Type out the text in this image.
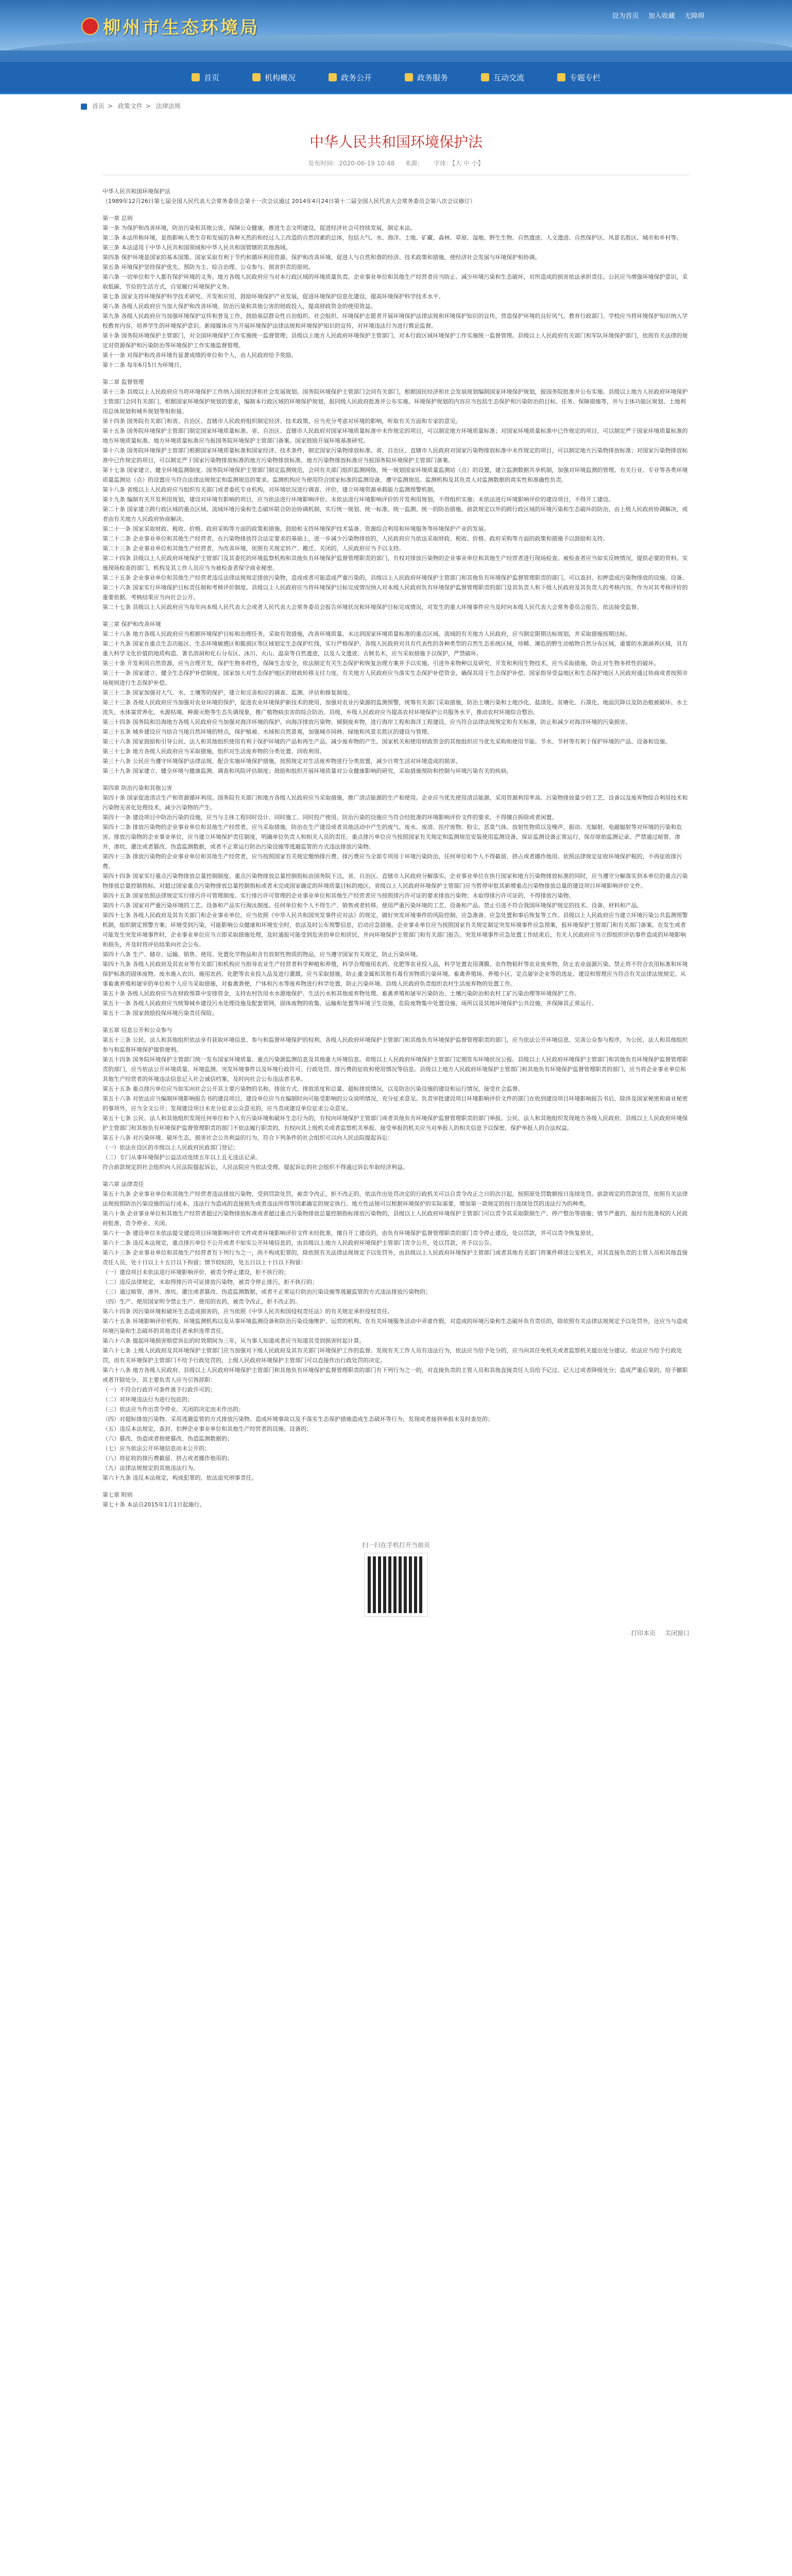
柳州市生态环境局
设为首页 加入收藏 无障碍
首页	机构概况	政务公开	政务服务	互动交流	专题专栏
首页 > 政策文件 > 法律法规
中华人民共和国环境保护法
发布时间：2020-06-19 10:48 来源： 字体：【大 中 小】

中华人民共和国环境保护法

（1989年12月26日第七届全国人民代表大会常务委员会第十一次会议通过 2014年4月24日第十二届全国人民代表大会常务委员会第八次会议修订）

第一章 总则

第一条 为保护和改善环境，防治污染和其他公害，保障公众健康，推进生态文明建设，促进经济社会可持续发展，制定本法。

第二条 本法所称环境，是指影响人类生存和发展的各种天然的和经过人工改造的自然因素的总体，包括大气、水、海洋、土地、矿藏、森林、草原、湿地、野生生物、自然遗迹、人文遗迹、自然保护区、风景名胜区、城市和乡村等。

第三条 本法适用于中华人民共和国领域和中华人民共和国管辖的其他海域。

第四条 保护环境是国家的基本国策。国家采取有利于节约和循环利用资源、保护和改善环境、促进人与自然和谐的经济、技术政策和措施，使经济社会发展与环境保护相协调。

第五条 环境保护坚持保护优先、预防为主、综合治理、公众参与、损害担责的原则。

第六条 一切单位和个人都有保护环境的义务。地方各级人民政府应当对本行政区域的环境质量负责。企业事业单位和其他生产经营者应当防止、减少环境污染和生态破坏，对所造成的损害依法承担责任。公民应当增强环境保护意识，采取低碳、节俭的生活方式，自觉履行环境保护义务。

第七条 国家支持环境保护科学技术研究、开发和应用，鼓励环境保护产业发展，促进环境保护信息化建设，提高环境保护科学技术水平。

第八条 各级人民政府应当加大保护和改善环境、防治污染和其他公害的财政投入，提高财政资金的使用效益。

第九条 各级人民政府应当加强环境保护宣传和普及工作，鼓励基层群众性自治组织、社会组织、环境保护志愿者开展环境保护法律法规和环境保护知识的宣传，营造保护环境的良好风气。教育行政部门、学校应当将环境保护知识纳入学校教育内容，培养学生的环境保护意识。新闻媒体应当开展环境保护法律法规和环境保护知识的宣传，对环境违法行为进行舆论监督。

第十条 国务院环境保护主管部门，对全国环境保护工作实施统一监督管理；县级以上地方人民政府环境保护主管部门，对本行政区域环境保护工作实施统一监督管理。县级以上人民政府有关部门和军队环境保护部门，依照有关法律的规定对资源保护和污染防治等环境保护工作实施监督管理。

第十一条 对保护和改善环境有显著成绩的单位和个人，由人民政府给予奖励。

第十二条 每年6月5日为环境日。

第二章 监督管理

第十三条 县级以上人民政府应当将环境保护工作纳入国民经济和社会发展规划。国务院环境保护主管部门会同有关部门，根据国民经济和社会发展规划编制国家环境保护规划，报国务院批准并公布实施。县级以上地方人民政府环境保护主管部门会同有关部门，根据国家环境保护规划的要求，编制本行政区域的环境保护规划，报同级人民政府批准并公布实施。环境保护规划的内容应当包括生态保护和污染防治的目标、任务、保障措施等，并与主体功能区规划、土地利用总体规划和城乡规划等相衔接。

第十四条 国务院有关部门和省、自治区、直辖市人民政府组织制定经济、技术政策，应当充分考虑对环境的影响，听取有关方面和专家的意见。

第十五条 国务院环境保护主管部门制定国家环境质量标准。省、自治区、直辖市人民政府对国家环境质量标准中未作规定的项目，可以制定地方环境质量标准；对国家环境质量标准中已作规定的项目，可以制定严于国家环境质量标准的地方环境质量标准。地方环境质量标准应当报国务院环境保护主管部门备案。国家鼓励开展环境基准研究。

第十六条 国务院环境保护主管部门根据国家环境质量标准和国家经济、技术条件，制定国家污染物排放标准。省、自治区、直辖市人民政府对国家污染物排放标准中未作规定的项目，可以制定地方污染物排放标准；对国家污染物排放标准中已作规定的项目，可以制定严于国家污染物排放标准的地方污染物排放标准。地方污染物排放标准应当报国务院环境保护主管部门备案。

第十七条 国家建立、健全环境监测制度。国务院环境保护主管部门制定监测规范，会同有关部门组织监测网络，统一规划国家环境质量监测站（点）的设置，建立监测数据共享机制，加强对环境监测的管理。有关行业、专业等各类环境质量监测站（点）的设置应当符合法律法规规定和监测规范的要求。监测机构应当使用符合国家标准的监测设备，遵守监测规范。监测机构及其负责人对监测数据的真实性和准确性负责。

第十八条 省级以上人民政府应当组织有关部门或者委托专业机构，对环境状况进行调查、评价，建立环境资源承载能力监测预警机制。

第十九条 编制有关开发利用规划，建设对环境有影响的项目，应当依法进行环境影响评价。未依法进行环境影响评价的开发利用规划，不得组织实施；未依法进行环境影响评价的建设项目，不得开工建设。

第二十条 国家建立跨行政区域的重点区域、流域环境污染和生态破坏联合防治协调机制，实行统一规划、统一标准、统一监测、统一的防治措施。前款规定以外的跨行政区域的环境污染和生态破坏的防治，由上级人民政府协调解决，或者由有关地方人民政府协商解决。

第二十一条 国家采取财政、税收、价格、政府采购等方面的政策和措施，鼓励和支持环境保护技术装备、资源综合利用和环境服务等环境保护产业的发展。

第二十二条 企业事业单位和其他生产经营者，在污染物排放符合法定要求的基础上，进一步减少污染物排放的，人民政府应当依法采取财政、税收、价格、政府采购等方面的政策和措施予以鼓励和支持。

第二十三条 企业事业单位和其他生产经营者，为改善环境，依照有关规定转产、搬迁、关闭的，人民政府应当予以支持。

第二十四条 县级以上人民政府环境保护主管部门及其委托的环境监察机构和其他负有环境保护监督管理职责的部门，有权对排放污染物的企业事业单位和其他生产经营者进行现场检查。被检查者应当如实反映情况，提供必要的资料。实施现场检查的部门、机构及其工作人员应当为被检查者保守商业秘密。

第二十五条 企业事业单位和其他生产经营者违反法律法规规定排放污染物，造成或者可能造成严重污染的，县级以上人民政府环境保护主管部门和其他负有环境保护监督管理职责的部门，可以查封、扣押造成污染物排放的设施、设备。

第二十六条 国家实行环境保护目标责任制和考核评价制度。县级以上人民政府应当将环境保护目标完成情况纳入对本级人民政府负有环境保护监督管理职责的部门及其负责人和下级人民政府及其负责人的考核内容，作为对其考核评价的重要依据。考核结果应当向社会公开。

第二十七条 县级以上人民政府应当每年向本级人民代表大会或者人民代表大会常务委员会报告环境状况和环境保护目标完成情况，对发生的重大环境事件应当及时向本级人民代表大会常务委员会报告，依法接受监督。

第三章 保护和改善环境

第二十八条 地方各级人民政府应当根据环境保护目标和治理任务，采取有效措施，改善环境质量。未达到国家环境质量标准的重点区域、流域的有关地方人民政府，应当制定限期达标规划，并采取措施按期达标。

第二十九条 国家在重点生态功能区、生态环境敏感区和脆弱区等区域划定生态保护红线，实行严格保护。各级人民政府对具有代表性的各种类型的自然生态系统区域，珍稀、濒危的野生动植物自然分布区域，重要的水源涵养区域，具有重大科学文化价值的地质构造、著名溶洞和化石分布区、冰川、火山、温泉等自然遗迹，以及人文遗迹、古树名木，应当采取措施予以保护，严禁破坏。

第三十条 开发利用自然资源，应当合理开发，保护生物多样性，保障生态安全，依法制定有关生态保护和恢复治理方案并予以实施。引进外来物种以及研究、开发和利用生物技术，应当采取措施，防止对生物多样性的破坏。

第三十一条 国家建立、健全生态保护补偿制度。国家加大对生态保护地区的财政转移支付力度。有关地方人民政府应当落实生态保护补偿资金，确保其用于生态保护补偿。国家指导受益地区和生态保护地区人民政府通过协商或者按照市场规则进行生态保护补偿。

第三十二条 国家加强对大气、水、土壤等的保护，建立和完善相应的调查、监测、评估和修复制度。

第三十三条 各级人民政府应当加强对农业环境的保护，促进农业环境保护新技术的使用，加强对农业污染源的监测预警，统筹有关部门采取措施，防治土壤污染和土地沙化、盐渍化、贫瘠化、石漠化、地面沉降以及防治植被破坏、水土流失、水体富营养化、水源枯竭、种源灭绝等生态失调现象，推广植物病虫害的综合防治。县级、乡级人民政府应当提高农村环境保护公共服务水平，推动农村环境综合整治。

第三十四条 国务院和沿海地方各级人民政府应当加强对海洋环境的保护。向海洋排放污染物、倾倒废弃物，进行海岸工程和海洋工程建设，应当符合法律法规规定和有关标准，防止和减少对海洋环境的污染损害。

第三十五条 城乡建设应当结合当地自然环境的特点，保护植被、水域和自然景观，加强城市园林、绿地和风景名胜区的建设与管理。

第三十六条 国家鼓励和引导公民、法人和其他组织使用有利于保护环境的产品和再生产品，减少废弃物的产生。国家机关和使用财政资金的其他组织应当优先采购和使用节能、节水、节材等有利于保护环境的产品、设备和设施。

第三十七条 地方各级人民政府应当采取措施，组织对生活废弃物的分类处置、回收利用。

第三十八条 公民应当遵守环境保护法律法规，配合实施环境保护措施，按照规定对生活废弃物进行分类放置，减少日常生活对环境造成的损害。

第三十九条 国家建立、健全环境与健康监测、调查和风险评估制度；鼓励和组织开展环境质量对公众健康影响的研究，采取措施预防和控制与环境污染有关的疾病。

第四章 防治污染和其他公害

第四十条 国家促进清洁生产和资源循环利用。国务院有关部门和地方各级人民政府应当采取措施，推广清洁能源的生产和使用。企业应当优先使用清洁能源，采用资源利用率高、污染物排放量少的工艺、设备以及废弃物综合利用技术和污染物无害化处理技术，减少污染物的产生。

第四十一条 建设项目中防治污染的设施，应当与主体工程同时设计、同时施工、同时投产使用。防治污染的设施应当符合经批准的环境影响评价文件的要求，不得擅自拆除或者闲置。

第四十二条 排放污染物的企业事业单位和其他生产经营者，应当采取措施，防治在生产建设或者其他活动中产生的废气、废水、废渣、医疗废物、粉尘、恶臭气体、放射性物质以及噪声、振动、光辐射、电磁辐射等对环境的污染和危害。排放污染物的企业事业单位，应当建立环境保护责任制度，明确单位负责人和相关人员的责任。重点排污单位应当按照国家有关规定和监测规范安装使用监测设备，保证监测设备正常运行，保存原始监测记录。严禁通过暗管、渗井、渗坑、灌注或者篡改、伪造监测数据，或者不正常运行防治污染设施等逃避监管的方式违法排放污染物。

第四十三条 排放污染物的企业事业单位和其他生产经营者，应当按照国家有关规定缴纳排污费。排污费应当全部专项用于环境污染防治，任何单位和个人不得截留、挤占或者挪作他用。依照法律规定征收环境保护税的，不再征收排污费。

第四十四条 国家实行重点污染物排放总量控制制度。重点污染物排放总量控制指标由国务院下达，省、自治区、直辖市人民政府分解落实。企业事业单位在执行国家和地方污染物排放标准的同时，应当遵守分解落实到本单位的重点污染物排放总量控制指标。对超过国家重点污染物排放总量控制指标或者未完成国家确定的环境质量目标的地区，省级以上人民政府环境保护主管部门应当暂停审批其新增重点污染物排放总量的建设项目环境影响评价文件。

第四十五条 国家依照法律规定实行排污许可管理制度。实行排污许可管理的企业事业单位和其他生产经营者应当按照排污许可证的要求排放污染物；未取得排污许可证的，不得排放污染物。

第四十六条 国家对严重污染环境的工艺、设备和产品实行淘汰制度。任何单位和个人不得生产、销售或者转移、使用严重污染环境的工艺、设备和产品。禁止引进不符合我国环境保护规定的技术、设备、材料和产品。

第四十七条 各级人民政府及其有关部门和企业事业单位，应当依照《中华人民共和国突发事件应对法》的规定，做好突发环境事件的风险控制、应急准备、应急处置和事后恢复等工作。县级以上人民政府应当建立环境污染公共监测预警机制，组织制定预警方案；环境受到污染，可能影响公众健康和环境安全时，依法及时公布预警信息，启动应急措施。企业事业单位应当按照国家有关规定制定突发环境事件应急预案，报环境保护主管部门和有关部门备案。在发生或者可能发生突发环境事件时，企业事业单位应当立即采取措施处理，及时通报可能受到危害的单位和居民，并向环境保护主管部门和有关部门报告。突发环境事件应急处置工作结束后，有关人民政府应当立即组织评估事件造成的环境影响和损失，并及时将评估结果向社会公布。

第四十八条 生产、储存、运输、销售、使用、处置化学物品和含有放射性物质的物品，应当遵守国家有关规定，防止污染环境。

第四十九条 各级人民政府及其农业等有关部门和机构应当指导农业生产经营者科学种植和养殖，科学合理施用农药、化肥等农业投入品，科学处置农用薄膜、农作物秸秆等农业废弃物，防止农业面源污染。禁止将不符合农用标准和环境保护标准的固体废物、废水施入农田。施用农药、化肥等农业投入品及进行灌溉，应当采取措施，防止重金属和其他有毒有害物质污染环境。畜禽养殖场、养殖小区、定点屠宰企业等的选址、建设和管理应当符合有关法律法规规定。从事畜禽养殖和屠宰的单位和个人应当采取措施，对畜禽粪便、尸体和污水等废弃物进行科学处置，防止污染环境。县级人民政府负责组织农村生活废弃物的处置工作。

第五十条 各级人民政府应当在财政预算中安排资金，支持农村饮用水水源地保护、生活污水和其他废弃物处理、畜禽养殖和屠宰污染防治、土壤污染防治和农村工矿污染治理等环境保护工作。

第五十一条 各级人民政府应当统筹城乡建设污水处理设施及配套管网，固体废物的收集、运输和处置等环境卫生设施，危险废物集中处置设施、场所以及其他环境保护公共设施，并保障其正常运行。

第五十二条 国家鼓励投保环境污染责任保险。

第五章 信息公开和公众参与

第五十三条 公民、法人和其他组织依法享有获取环境信息、参与和监督环境保护的权利。各级人民政府环境保护主管部门和其他负有环境保护监督管理职责的部门，应当依法公开环境信息、完善公众参与程序，为公民、法人和其他组织参与和监督环境保护提供便利。

第五十四条 国务院环境保护主管部门统一发布国家环境质量、重点污染源监测信息及其他重大环境信息。省级以上人民政府环境保护主管部门定期发布环境状况公报。县级以上人民政府环境保护主管部门和其他负有环境保护监督管理职责的部门，应当依法公开环境质量、环境监测、突发环境事件以及环境行政许可、行政处罚、排污费的征收和使用情况等信息。县级以上地方人民政府环境保护主管部门和其他负有环境保护监督管理职责的部门，应当将企业事业单位和其他生产经营者的环境违法信息记入社会诚信档案，及时向社会公布违法者名单。

第五十五条 重点排污单位应当如实向社会公开其主要污染物的名称、排放方式、排放浓度和总量、超标排放情况，以及防治污染设施的建设和运行情况，接受社会监督。

第五十六条 对依法应当编制环境影响报告书的建设项目，建设单位应当在编制时向可能受影响的公众说明情况，充分征求意见。负责审批建设项目环境影响评价文件的部门在收到建设项目环境影响报告书后，除涉及国家秘密和商业秘密的事项外，应当全文公开；发现建设项目未充分征求公众意见的，应当责成建设单位征求公众意见。

第五十七条 公民、法人和其他组织发现任何单位和个人有污染环境和破坏生态行为的，有权向环境保护主管部门或者其他负有环境保护监督管理职责的部门举报。公民、法人和其他组织发现地方各级人民政府、县级以上人民政府环境保护主管部门和其他负有环境保护监督管理职责的部门不依法履行职责的，有权向其上级机关或者监察机关举报。接受举报的机关应当对举报人的相关信息予以保密，保护举报人的合法权益。

第五十八条 对污染环境、破坏生态，损害社会公共利益的行为，符合下列条件的社会组织可以向人民法院提起诉讼：

（一）依法在设区的市级以上人民政府民政部门登记；

（二）专门从事环境保护公益活动连续五年以上且无违法记录。

符合前款规定的社会组织向人民法院提起诉讼，人民法院应当依法受理。提起诉讼的社会组织不得通过诉讼牟取经济利益。

第六章 法律责任

第五十九条 企业事业单位和其他生产经营者违法排放污染物，受到罚款处罚，被责令改正，拒不改正的，依法作出处罚决定的行政机关可以自责令改正之日的次日起，按照原处罚数额按日连续处罚。前款规定的罚款处罚，依照有关法律法规按照防治污染设施的运行成本、违法行为造成的直接损失或者违法所得等因素确定的规定执行。地方性法规可以根据环境保护的实际需要，增加第一款规定的按日连续处罚的违法行为的种类。

第六十条 企业事业单位和其他生产经营者超过污染物排放标准或者超过重点污染物排放总量控制指标排放污染物的，县级以上人民政府环境保护主管部门可以责令其采取限制生产、停产整治等措施；情节严重的，报经有批准权的人民政府批准，责令停业、关闭。

第六十一条 建设单位未依法提交建设项目环境影响评价文件或者环境影响评价文件未经批准，擅自开工建设的，由负有环境保护监督管理职责的部门责令停止建设，处以罚款，并可以责令恢复原状。

第六十二条 违反本法规定，重点排污单位不公开或者不如实公开环境信息的，由县级以上地方人民政府环境保护主管部门责令公开，处以罚款，并予以公告。

第六十三条 企业事业单位和其他生产经营者有下列行为之一，尚不构成犯罪的，除依照有关法律法规规定予以处罚外，由县级以上人民政府环境保护主管部门或者其他有关部门将案件移送公安机关，对其直接负责的主管人员和其他直接责任人员，处十日以上十五日以下拘留；情节较轻的，处五日以上十日以下拘留：

（一）建设项目未依法进行环境影响评价，被责令停止建设，拒不执行的；

（二）违反法律规定，未取得排污许可证排放污染物，被责令停止排污，拒不执行的；

（三）通过暗管、渗井、渗坑、灌注或者篡改、伪造监测数据，或者不正常运行防治污染设施等逃避监管的方式违法排放污染物的；

（四）生产、使用国家明令禁止生产、使用的农药，被责令改正，拒不改正的。

第六十四条 因污染环境和破坏生态造成损害的，应当依照《中华人民共和国侵权责任法》的有关规定承担侵权责任。

第六十五条 环境影响评价机构、环境监测机构以及从事环境监测设备和防治污染设施维护、运营的机构，在有关环境服务活动中弄虚作假，对造成的环境污染和生态破坏负有责任的，除依照有关法律法规规定予以处罚外，还应当与造成环境污染和生态破坏的其他责任者承担连带责任。

第六十六条 提起环境损害赔偿诉讼的时效期间为三年，从当事人知道或者应当知道其受到损害时起计算。

第六十七条 上级人民政府及其环境保护主管部门应当加强对下级人民政府及其有关部门环境保护工作的监督。发现有关工作人员有违法行为，依法应当给予处分的，应当向其任免机关或者监察机关提出处分建议。依法应当给予行政处罚，而有关环境保护主管部门不给予行政处罚的，上级人民政府环境保护主管部门可以直接作出行政处罚的决定。

第六十八条 地方各级人民政府、县级以上人民政府环境保护主管部门和其他负有环境保护监督管理职责的部门有下列行为之一的，对直接负责的主管人员和其他直接责任人员给予记过、记大过或者降级处分；造成严重后果的，给予撤职或者开除处分，其主要负责人应当引咎辞职：

（一）不符合行政许可条件准予行政许可的；

（二）对环境违法行为进行包庇的；

（三）依法应当作出责令停业、关闭的决定而未作出的；

（四）对超标排放污染物、采用逃避监管的方式排放污染物、造成环境事故以及不落实生态保护措施造成生态破坏等行为，发现或者接到举报未及时查处的；

（五）违反本法规定，查封、扣押企业事业单位和其他生产经营者的设施、设备的；

（六）篡改、伪造或者指使篡改、伪造监测数据的；

（七）应当依法公开环境信息而未公开的；

（八）将征收的排污费截留、挤占或者挪作他用的；

（九）法律法规规定的其他违法行为。

第六十九条 违反本法规定，构成犯罪的，依法追究刑事责任。

第七章 附则

第七十条 本法自2015年1月1日起施行。

扫一扫在手机打开当前页
打印本页 关闭窗口
